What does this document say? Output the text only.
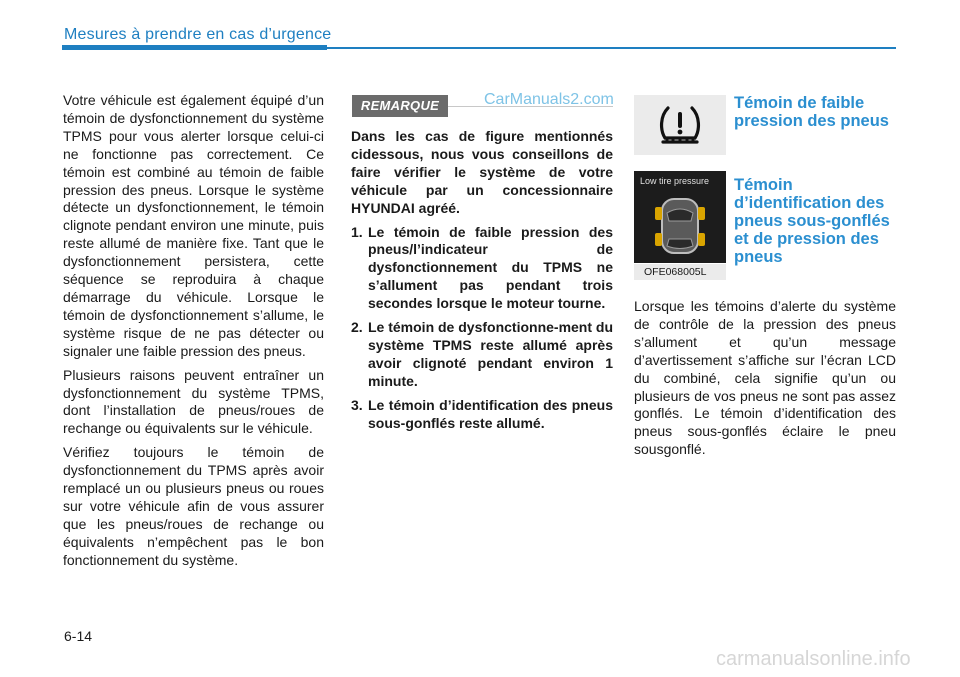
Mesures à prendre en cas d’urgence

Votre véhicule est également équipé d’un témoin de dysfonctionnement du système TPMS pour vous alerter lorsque celui-ci ne fonctionne pas correctement. Ce témoin est combiné au témoin de faible pression des pneus. Lorsque le système détecte un dysfonctionnement, le témoin clignote pendant environ une minute, puis reste allumé de manière fixe. Tant que le dysfonctionnement persistera, cette séquence se reproduira à chaque démarrage du véhicule. Lorsque le témoin de dysfonctionnement s’allume, le système risque de ne pas détecter ou signaler une faible pression des pneus.

Plusieurs raisons peuvent entraîner un dysfonctionnement du système TPMS, dont l’installation de pneus/roues de rechange ou équivalents sur le véhicule.

Vérifiez toujours le témoin de dysfonctionnement du TPMS après avoir remplacé un ou plusieurs pneus ou roues sur votre véhicule afin de vous assurer que les pneus/roues de rechange ou équivalents n’empêchent pas le bon fonctionnement du système.

REMARQUE	CarManuals2.com

Dans les cas de figure mentionnés cidessous, nous vous conseillons de faire vérifier le système de votre véhicule par un concessionnaire HYUNDAI agréé.

1. Le témoin de faible pression des pneus/l’indicateur de dysfonctionnement du TPMS ne s’allument pas pendant trois secondes lorsque le moteur tourne.
2. Le témoin de dysfonctionne-ment du système TPMS reste allumé après avoir clignoté pendant environ 1 minute.
3. Le témoin d’identification des pneus sous-gonflés reste allumé.
Témoin de faible pression des pneus
Low tire pressure
OFE068005L
Témoin d’identification des pneus sous-gonflés et de pression des pneus
Lorsque les témoins d’alerte du système de contrôle de la pression des pneus s’allument et qu’un message d’avertissement s’affiche sur l’écran LCD du combiné, cela signifie qu’un ou plusieurs de vos pneus ne sont pas assez gonflés. Le témoin d’identification des pneus sous-gonflés éclaire le pneu sousgonflé.
6-14
carmanualsonline.info
